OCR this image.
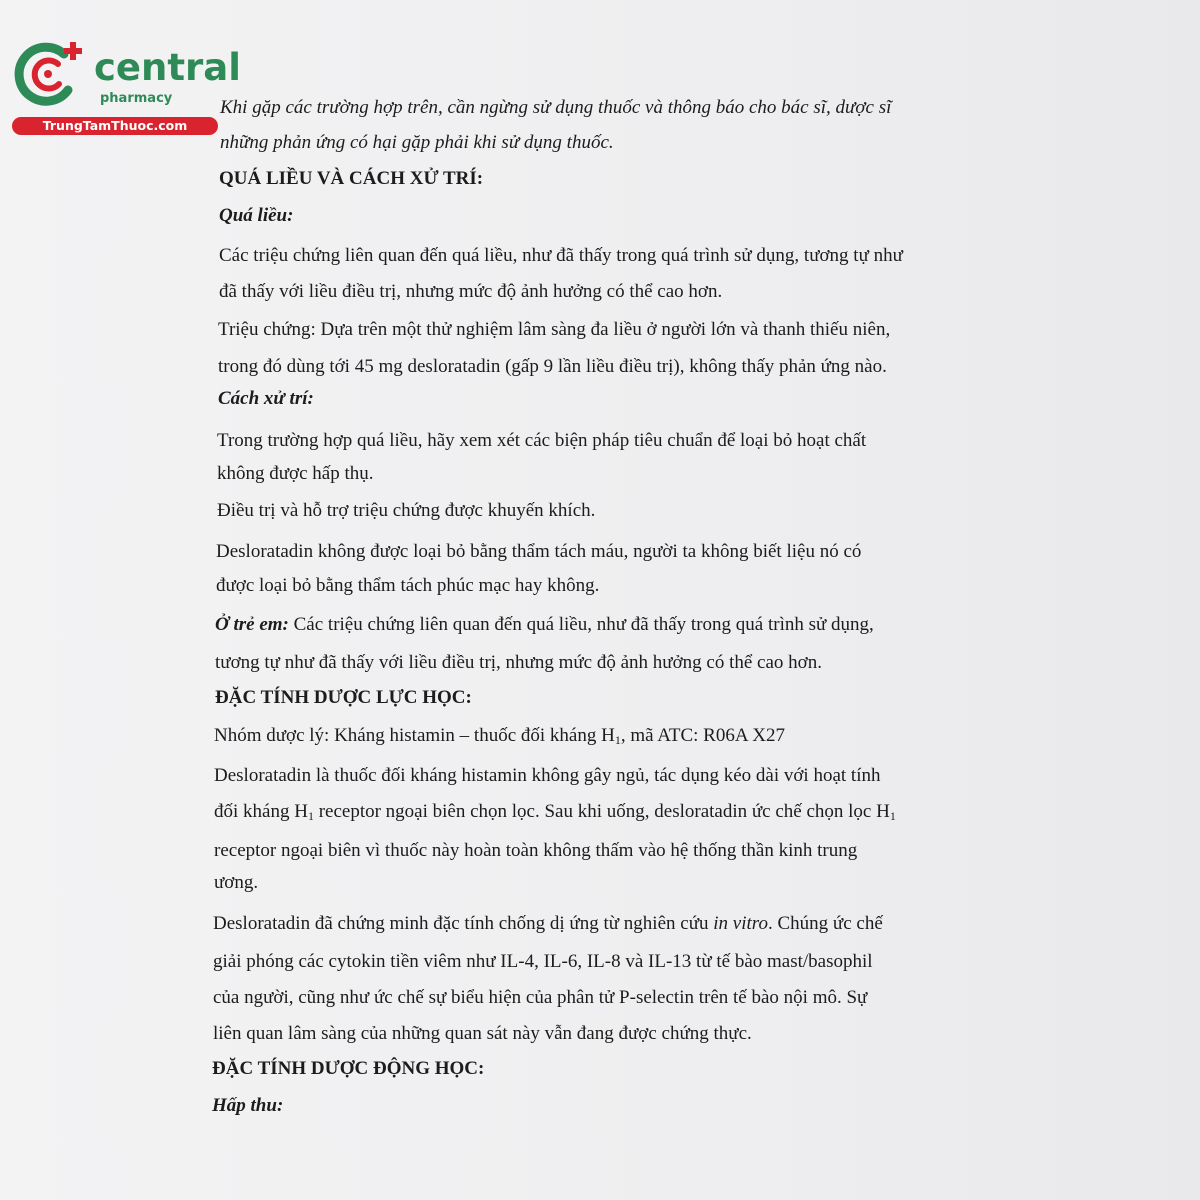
central
pharmacy
TrungTamThuoc.com
Khi gặp các trường hợp trên, cần ngừng sử dụng thuốc và thông báo cho bác sĩ, dược sĩ
những phản ứng có hại gặp phải khi sử dụng thuốc.
QUÁ LIỀU VÀ CÁCH XỬ TRÍ:
Quá liều:
Các triệu chứng liên quan đến quá liều, như đã thấy trong quá trình sử dụng, tương tự như
đã thấy với liều điều trị, nhưng mức độ ảnh hưởng có thể cao hơn.
Triệu chứng: Dựa trên một thử nghiệm lâm sàng đa liều ở người lớn và thanh thiếu niên,
trong đó dùng tới 45 mg desloratadin (gấp 9 lần liều điều trị), không thấy phản ứng nào.
Cách xử trí:
Trong trường hợp quá liều, hãy xem xét các biện pháp tiêu chuẩn để loại bỏ hoạt chất
không được hấp thụ.
Điều trị và hỗ trợ triệu chứng được khuyến khích.
Desloratadin không được loại bỏ bằng thẩm tách máu, người ta không biết liệu nó có
được loại bỏ bằng thẩm tách phúc mạc hay không.
Ở trẻ em: Các triệu chứng liên quan đến quá liều, như đã thấy trong quá trình sử dụng,
tương tự như đã thấy với liều điều trị, nhưng mức độ ảnh hưởng có thể cao hơn.
ĐẶC TÍNH DƯỢC LỰC HỌC:
Nhóm dược lý: Kháng histamin – thuốc đối kháng $H_1$, mã ATC: R06A X27
Desloratadin là thuốc đối kháng histamin không gây ngủ, tác dụng kéo dài với hoạt tính
đối kháng $H_1$ receptor ngoại biên chọn lọc. Sau khi uống, desloratadin ức chế chọn lọc $H_1$
receptor ngoại biên vì thuốc này hoàn toàn không thấm vào hệ thống thần kinh trung
ương.
Desloratadin đã chứng minh đặc tính chống dị ứng từ nghiên cứu in vitro. Chúng ức chế
giải phóng các cytokin tiền viêm như IL-4, IL-6, IL-8 và IL-13 từ tế bào mast/basophil
của người, cũng như ức chế sự biểu hiện của phân tử P-selectin trên tế bào nội mô. Sự
liên quan lâm sàng của những quan sát này vẫn đang được chứng thực.
ĐẶC TÍNH DƯỢC ĐỘNG HỌC:
Hấp thu:
